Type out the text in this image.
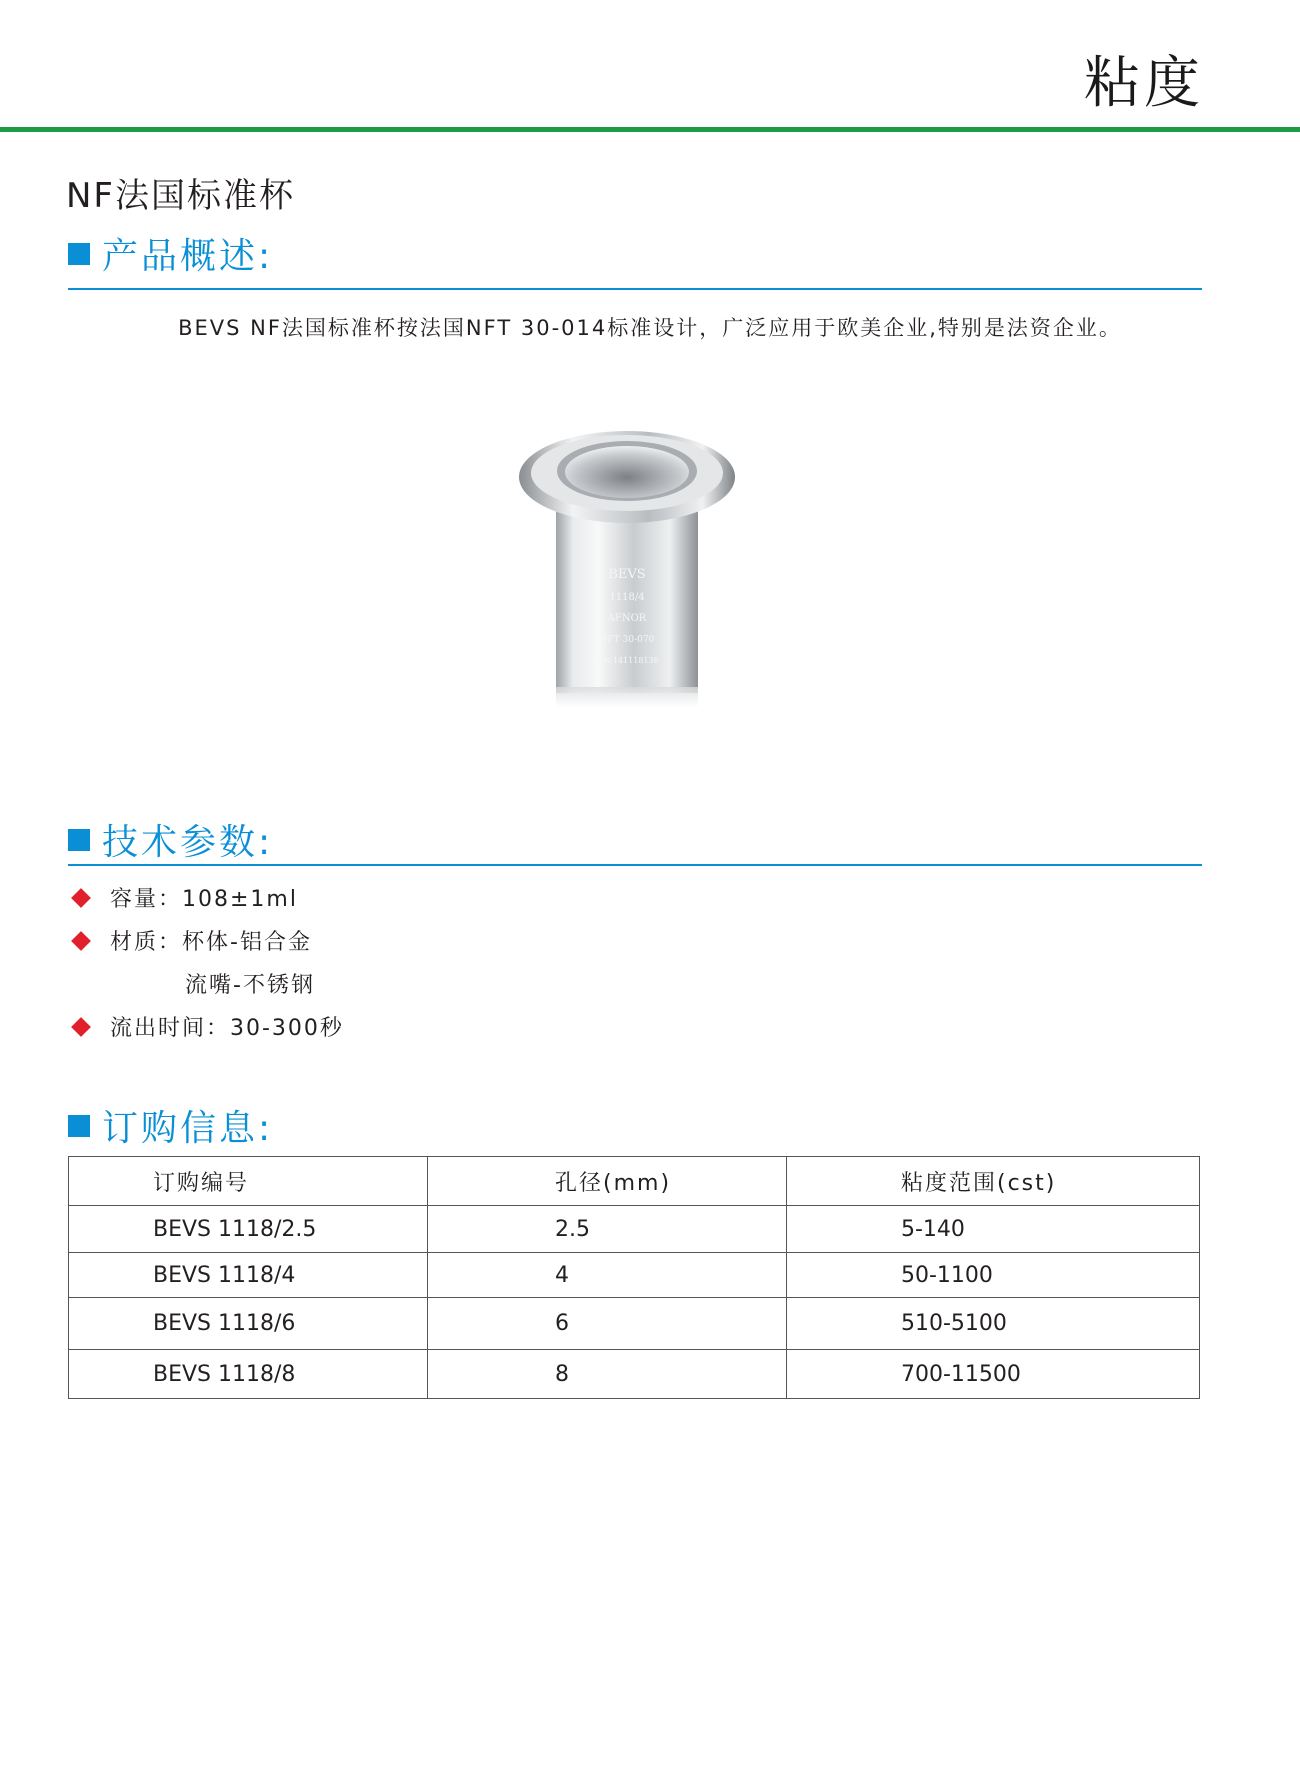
粘度
NF法国标准杯
产品概述:
BEVS NF法国标准杯按法国NFT 30-014标准设计，广泛应用于欧美企业,特别是法资企业。
BEVS
1118/4
AFNOR
NFT 30-070
S/N:141118136
技术参数:
容量：108±1ml
材质：杯体-铝合金
流嘴-不锈钢
流出时间：30-300秒
订购信息:
订购编号	孔径(mm)	粘度范围(cst)
BEVS 1118/2.5	2.5	5-140
BEVS 1118/4	4	50-1100
BEVS 1118/6	6	510-5100
BEVS 1118/8	8	700-11500
